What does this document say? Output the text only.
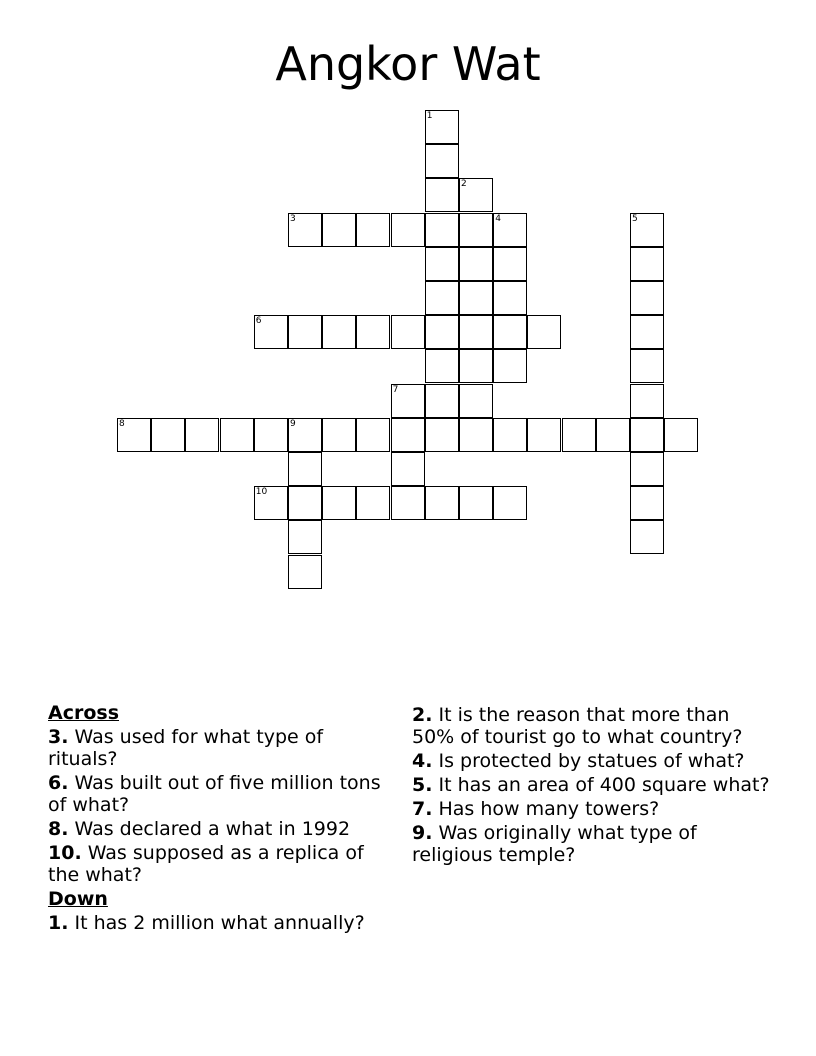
Angkor Wat
1
2
3	4	5
6
7
8	9
10
Across
3. Was used for what type of rituals?
6. Was built out of five million tons of what?
8. Was declared a what in 1992
10. Was supposed as a replica of the what?
Down
1. It has 2 million what annually?
2. It is the reason that more than 50% of tourist go to what country?
4. Is protected by statues of what?
5. It has an area of 400 square what?
7. Has how many towers?
9. Was originally what type of religious temple?
